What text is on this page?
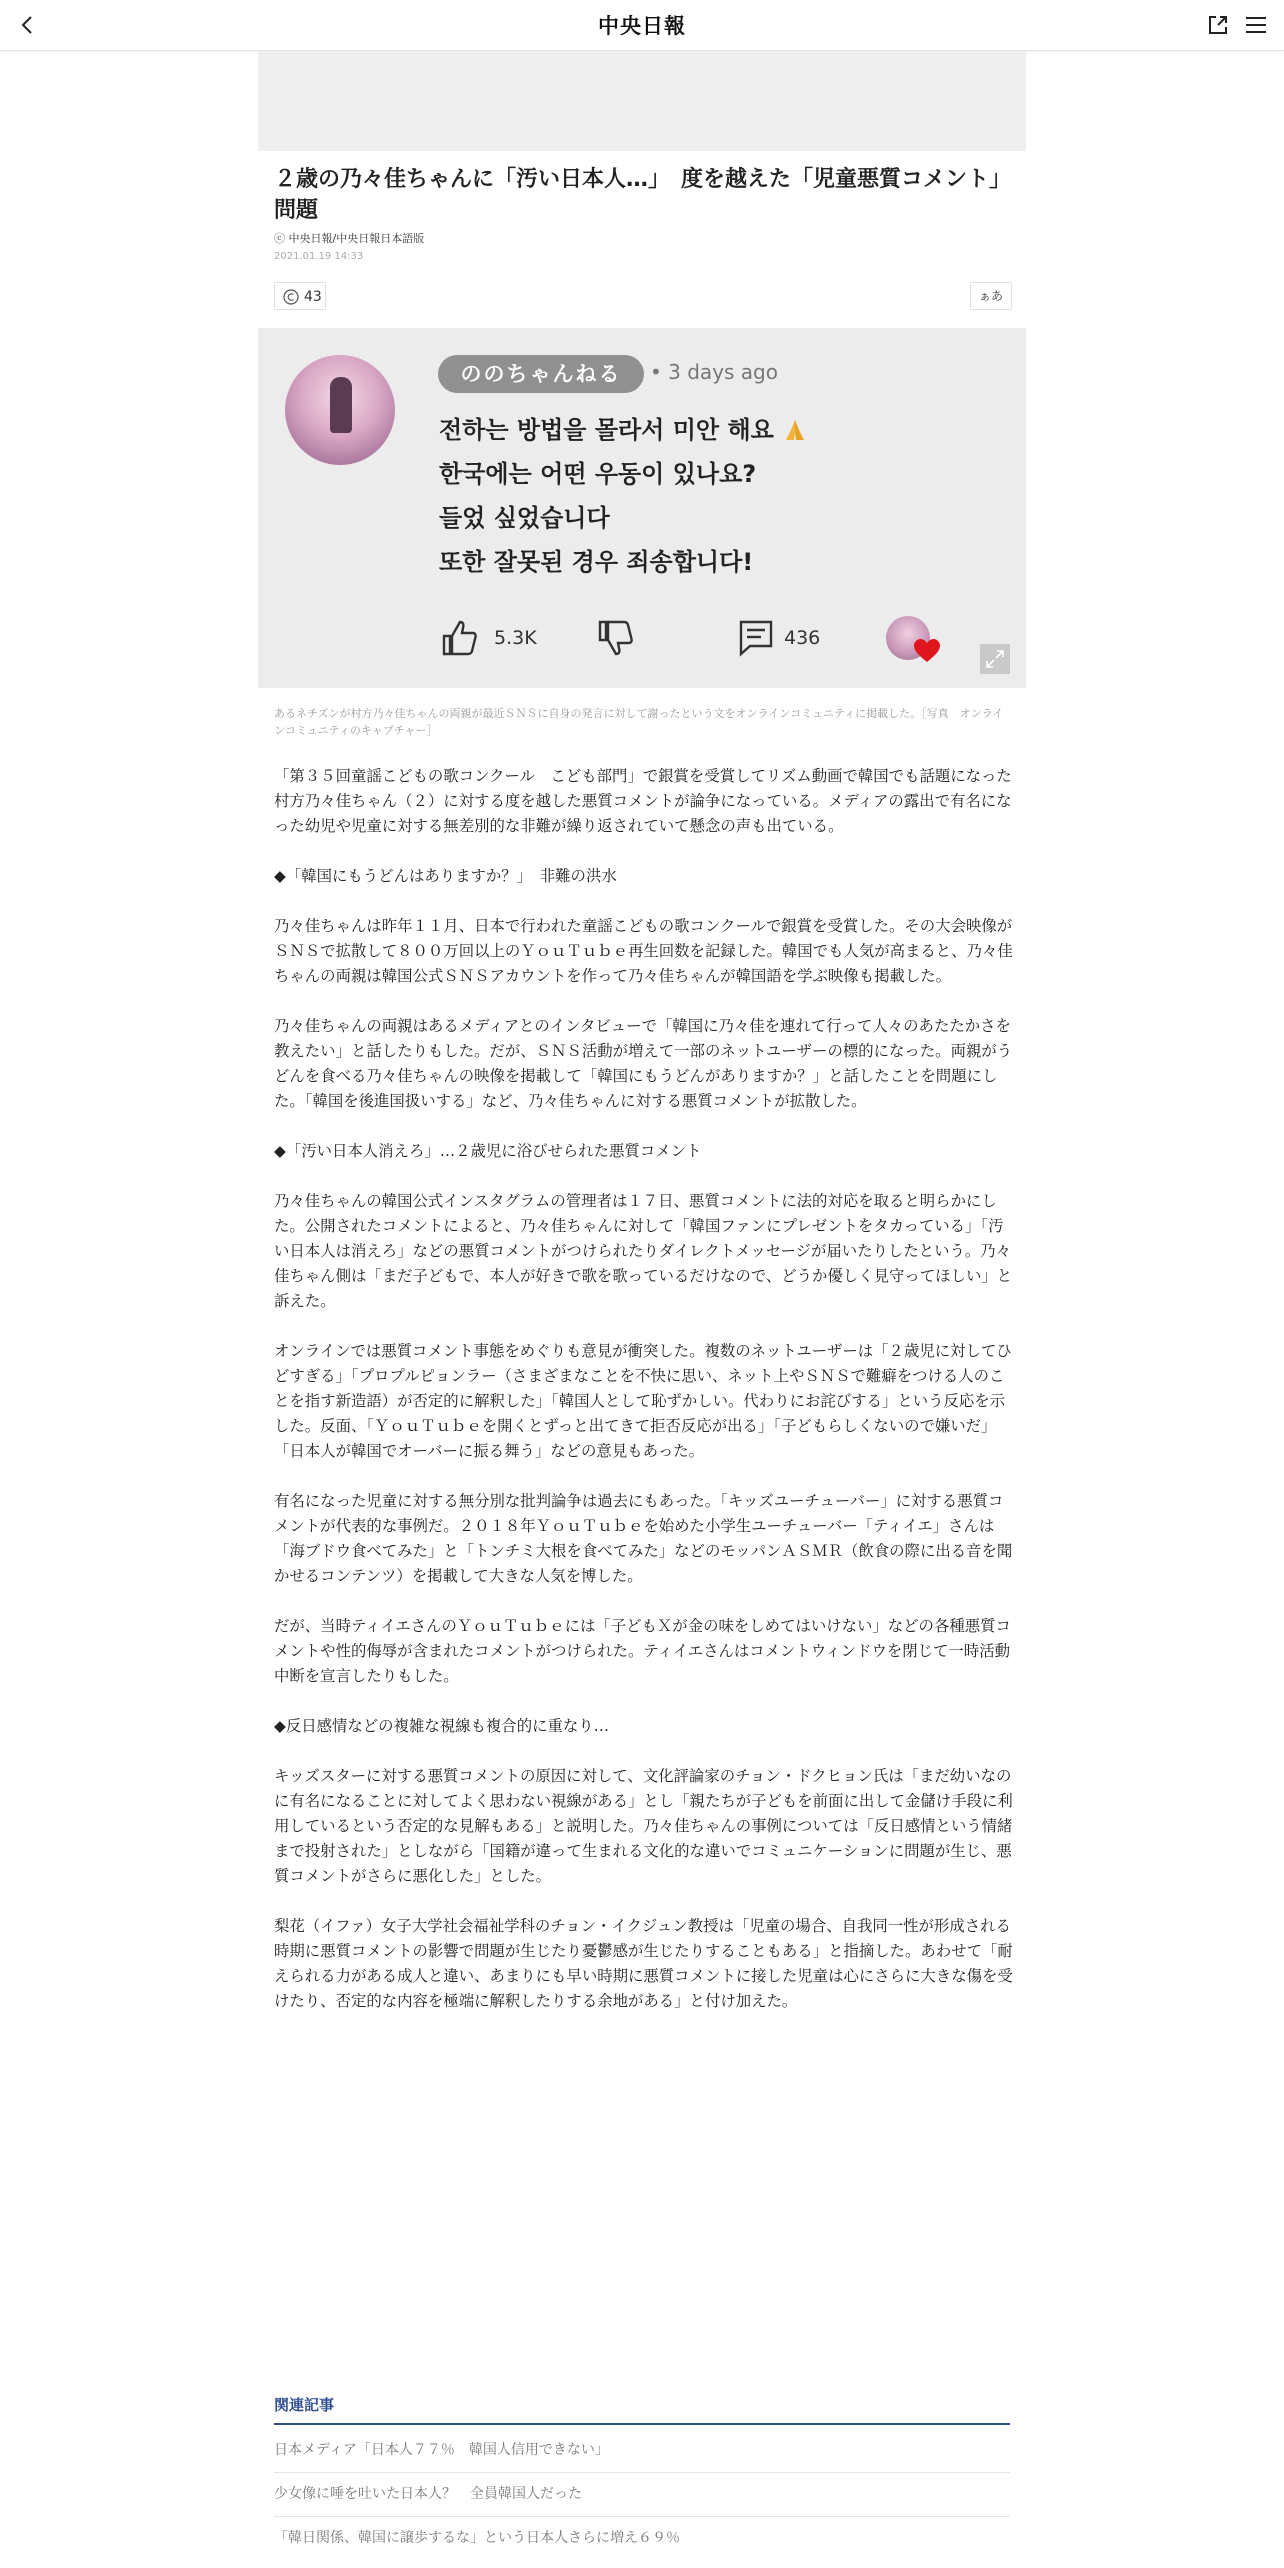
中央日報
２歳の乃々佳ちゃんに「汚い日本人…」　度を越えた「児童悪質コメント」問題
ⓒ 中央日報/中央日報日本語版
2021.01.19 14:33
43	ぁあ
ののちゃんねる	• 3 days ago
전하는 방법을 몰라서 미안 해요
한국에는 어떤 우동이 있나요?
들었 싶었습니다
또한 잘못된 경우 죄송합니다!
5.3K	436
あるネチズンが村方乃々佳ちゃんの両親が最近ＳＮＳに自身の発言に対して謝ったという文をオンラインコミュニティに掲載した。［写真　オンラインコミュニティのキャプチャー］

「第３５回童謡こどもの歌コンクール　こども部門」で銀賞を受賞してリズム動画で韓国でも話題になった村方乃々佳ちゃん（２）に対する度を越した悪質コメントが論争になっている。メディアの露出で有名になった幼児や児童に対する無差別的な非難が繰り返されていて懸念の声も出ている。

◆「韓国にもうどんはありますか？」　非難の洪水

乃々佳ちゃんは昨年１１月、日本で行われた童謡こどもの歌コンクールで銀賞を受賞した。その大会映像がＳＮＳで拡散して８００万回以上のＹｏｕＴｕｂｅ再生回数を記録した。韓国でも人気が高まると、乃々佳ちゃんの両親は韓国公式ＳＮＳアカウントを作って乃々佳ちゃんが韓国語を学ぶ映像も掲載した。

乃々佳ちゃんの両親はあるメディアとのインタビューで「韓国に乃々佳を連れて行って人々のあたたかさを教えたい」と話したりもした。だが、ＳＮＳ活動が増えて一部のネットユーザーの標的になった。両親がうどんを食べる乃々佳ちゃんの映像を掲載して「韓国にもうどんがありますか？」と話したことを問題にした。「韓国を後進国扱いする」など、乃々佳ちゃんに対する悪質コメントが拡散した。

◆「汚い日本人消えろ」…２歳児に浴びせられた悪質コメント

乃々佳ちゃんの韓国公式インスタグラムの管理者は１７日、悪質コメントに法的対応を取ると明らかにした。公開されたコメントによると、乃々佳ちゃんに対して「韓国ファンにプレゼントをタカっている」「汚い日本人は消えろ」などの悪質コメントがつけられたりダイレクトメッセージが届いたりしたという。乃々佳ちゃん側は「まだ子どもで、本人が好きで歌を歌っているだけなので、どうか優しく見守ってほしい」と訴えた。

オンラインでは悪質コメント事態をめぐりも意見が衝突した。複数のネットユーザーは「２歳児に対してひどすぎる」「プロプルピョンラー（さまざまなことを不快に思い、ネット上やＳＮＳで難癖をつける人のことを指す新造語）が否定的に解釈した」「韓国人として恥ずかしい。代わりにお詫びする」という反応を示した。反面、「ＹｏｕＴｕｂｅを開くとずっと出てきて拒否反応が出る」「子どもらしくないので嫌いだ」「日本人が韓国でオーバーに振る舞う」などの意見もあった。

有名になった児童に対する無分別な批判論争は過去にもあった。「キッズユーチューバー」に対する悪質コメントが代表的な事例だ。２０１８年ＹｏｕＴｕｂｅを始めた小学生ユーチューバー「ティイエ」さんは「海ブドウ食べてみた」と「トンチミ大根を食べてみた」などのモッパンＡＳＭＲ（飲食の際に出る音を聞かせるコンテンツ）を掲載して大きな人気を博した。

だが、当時ティイエさんのＹｏｕＴｕｂｅには「子どもＸが金の味をしめてはいけない」などの各種悪質コメントや性的侮辱が含まれたコメントがつけられた。ティイエさんはコメントウィンドウを閉じて一時活動中断を宣言したりもした。

◆反日感情などの複雑な視線も複合的に重なり…

キッズスターに対する悪質コメントの原因に対して、文化評論家のチョン・ドクヒョン氏は「まだ幼いなのに有名になることに対してよく思わない視線がある」とし「親たちが子どもを前面に出して金儲け手段に利用しているという否定的な見解もある」と説明した。乃々佳ちゃんの事例については「反日感情という情緒まで投射された」としながら「国籍が違って生まれる文化的な違いでコミュニケーションに問題が生じ、悪質コメントがさらに悪化した」とした。

梨花（イファ）女子大学社会福祉学科のチョン・イクジュン教授は「児童の場合、自我同一性が形成される時期に悪質コメントの影響で問題が生じたり憂鬱感が生じたりすることもある」と指摘した。あわせて「耐えられる力がある成人と違い、あまりにも早い時期に悪質コメントに接した児童は心にさらに大きな傷を受けたり、否定的な内容を極端に解釈したりする余地がある」と付け加えた。

関連記事
日本メディア「日本人７７％　韓国人信用できない」
少女像に唾を吐いた日本人？　全員韓国人だった
「韓日関係、韓国に譲歩するな」という日本人さらに増え６９％
